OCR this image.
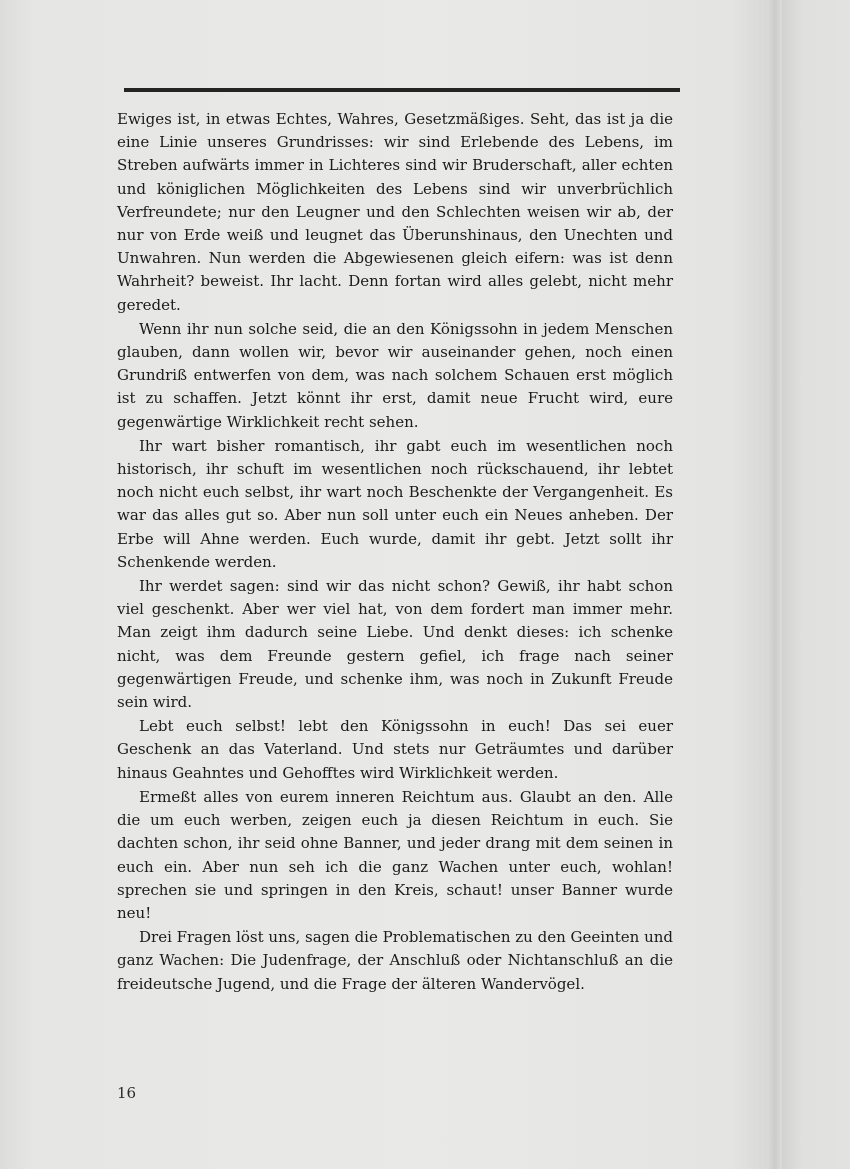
Ewiges ist, in etwas Echtes, Wahres, Gesetzmäßiges. Seht, das ist ja die eine Linie unseres Grundrisses: wir sind Erlebende des Lebens, im Streben aufwärts immer in Lichteres sind wir Bruderschaft, aller echten und königlichen Möglichkeiten des Lebens sind wir unverbrüchlich Verfreundete; nur den Leugner und den Schlechten weisen wir ab, der nur von Erde weiß und leugnet das Überunshinaus, den Unechten und Unwahren. Nun werden die Abgewiesenen gleich eifern: was ist denn Wahrheit? beweist. Ihr lacht. Denn fortan wird alles gelebt, nicht mehr geredet.

Wenn ihr nun solche seid, die an den Königssohn in jedem Menschen glauben, dann wollen wir, bevor wir auseinander gehen, noch einen Grundriß entwerfen von dem, was nach solchem Schauen erst möglich ist zu schaffen. Jetzt könnt ihr erst, damit neue Frucht wird, eure gegenwärtige Wirklichkeit recht sehen.

Ihr wart bisher romantisch, ihr gabt euch im wesentlichen noch historisch, ihr schuft im wesentlichen noch rückschauend, ihr lebtet noch nicht euch selbst, ihr wart noch Beschenkte der Vergangenheit. Es war das alles gut so. Aber nun soll unter euch ein Neues anheben. Der Erbe will Ahne werden. Euch wurde, damit ihr gebt. Jetzt sollt ihr Schenkende werden.

Ihr werdet sagen: sind wir das nicht schon? Gewiß, ihr habt schon viel geschenkt. Aber wer viel hat, von dem fordert man immer mehr. Man zeigt ihm dadurch seine Liebe. Und denkt dieses: ich schenke nicht, was dem Freunde gestern gefiel, ich frage nach seiner gegenwärtigen Freude, und schenke ihm, was noch in Zukunft Freude sein wird.

Lebt euch selbst! lebt den Königssohn in euch! Das sei euer Geschenk an das Vaterland. Und stets nur Geträumtes und darüber hinaus Geahntes und Gehofftes wird Wirklichkeit werden.

Ermeßt alles von eurem inneren Reichtum aus. Glaubt an den. Alle die um euch werben, zeigen euch ja diesen Reichtum in euch. Sie dachten schon, ihr seid ohne Banner, und jeder drang mit dem seinen in euch ein. Aber nun seh ich die ganz Wachen unter euch, wohlan! sprechen sie und springen in den Kreis, schaut! unser Banner wurde neu!

Drei Fragen löst uns, sagen die Problematischen zu den Geeinten und ganz Wachen: Die Judenfrage, der Anschluß oder Nichtanschluß an die freideutsche Jugend, und die Frage der älteren Wandervögel.

16
